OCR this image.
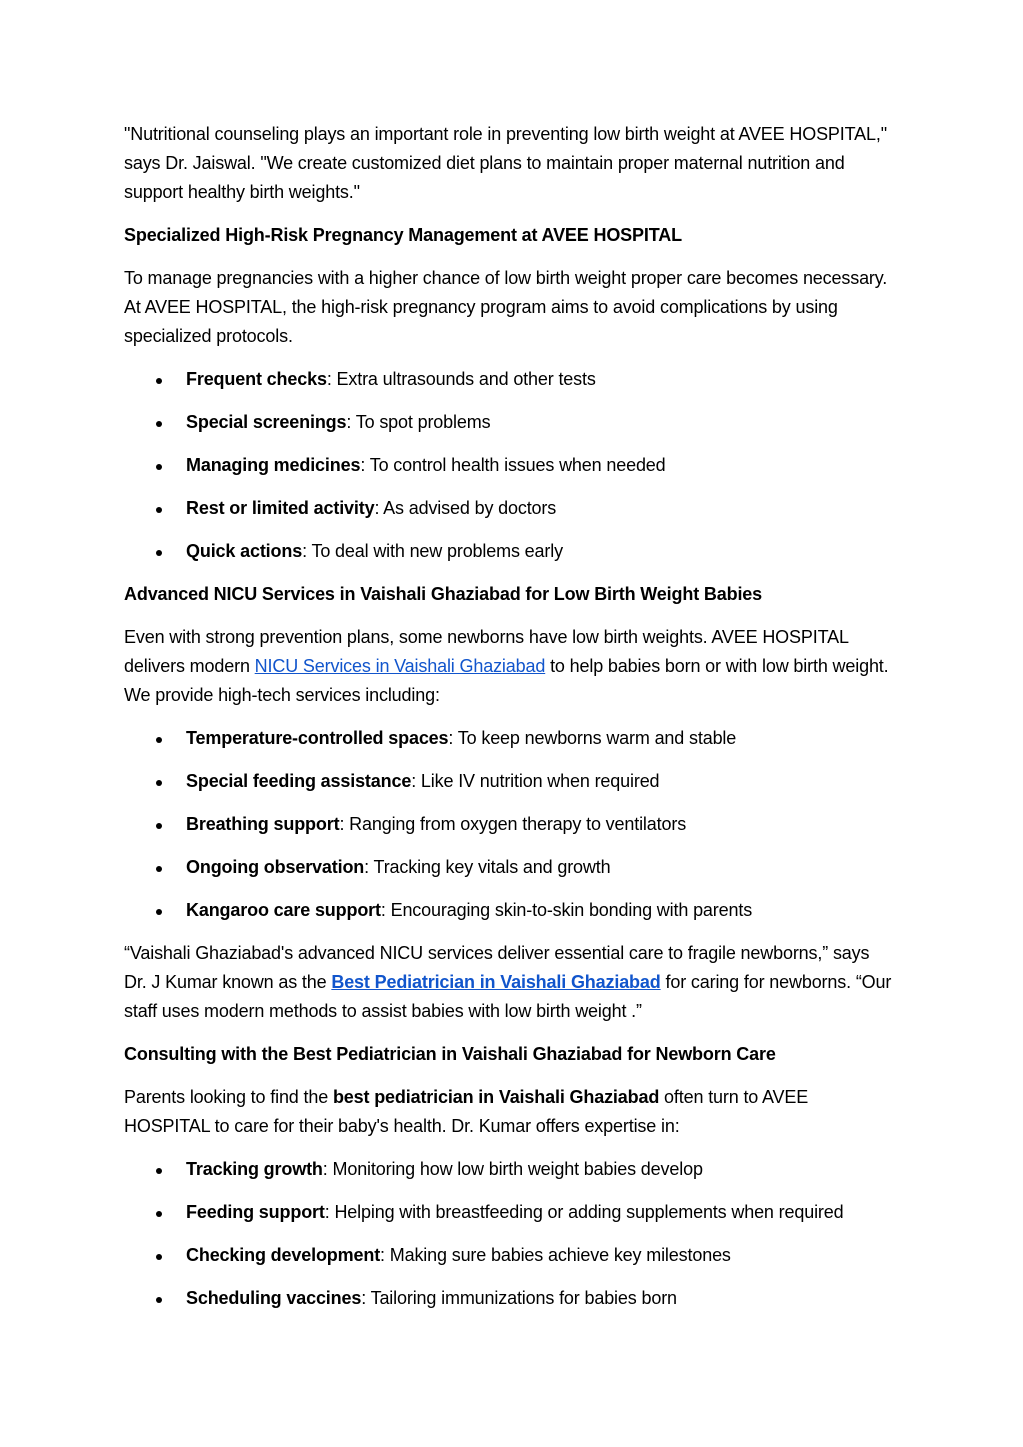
"Nutritional counseling plays an important role in preventing low birth weight at AVEE HOSPITAL," says Dr. Jaiswal. "We create customized diet plans to maintain proper maternal nutrition and support healthy birth weights."

Specialized High-Risk Pregnancy Management at AVEE HOSPITAL

To manage pregnancies with a higher chance of low birth weight proper care becomes necessary. At AVEE HOSPITAL, the high-risk pregnancy program aims to avoid complications by using specialized protocols.

Frequent checks: Extra ultrasounds and other tests
Special screenings: To spot problems
Managing medicines: To control health issues when needed
Rest or limited activity: As advised by doctors
Quick actions: To deal with new problems early
Advanced NICU Services in Vaishali Ghaziabad for Low Birth Weight Babies

Even with strong prevention plans, some newborns have low birth weights. AVEE HOSPITAL delivers modern NICU Services in Vaishali Ghaziabad to help babies born or with low birth weight. We provide high-tech services including:

Temperature-controlled spaces: To keep newborns warm and stable
Special feeding assistance: Like IV nutrition when required
Breathing support: Ranging from oxygen therapy to ventilators
Ongoing observation: Tracking key vitals and growth
Kangaroo care support: Encouraging skin-to-skin bonding with parents

“Vaishali Ghaziabad's advanced NICU services deliver essential care to fragile newborns,” says Dr. J Kumar known as the Best Pediatrician in Vaishali Ghaziabad for caring for newborns. “Our staff uses modern methods to assist babies with low birth weight .”

Consulting with the Best Pediatrician in Vaishali Ghaziabad for Newborn Care

Parents looking to find the best pediatrician in Vaishali Ghaziabad often turn to AVEE HOSPITAL to care for their baby's health. Dr. Kumar offers expertise in:

Tracking growth: Monitoring how low birth weight babies develop
Feeding support: Helping with breastfeeding or adding supplements when required
Checking development: Making sure babies achieve key milestones
Scheduling vaccines: Tailoring immunizations for babies born
